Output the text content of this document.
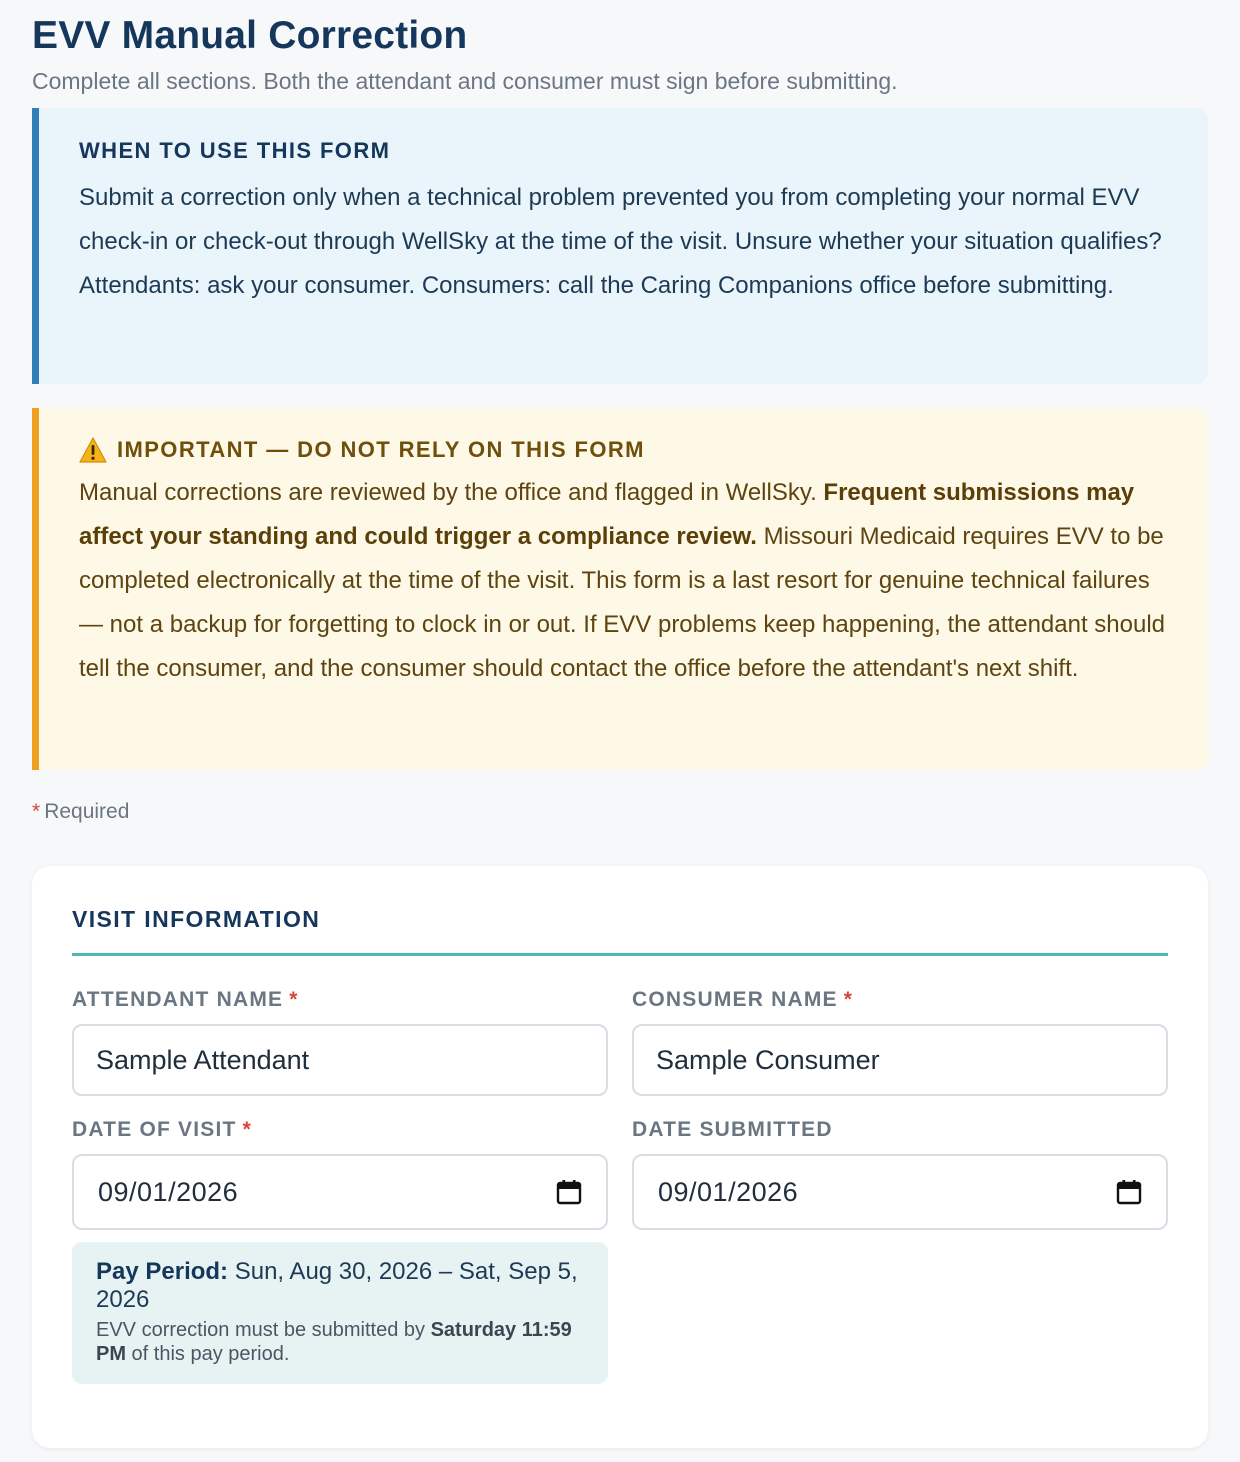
EVV Manual Correction

Complete all sections. Both the attendant and consumer must sign before submitting.

WHEN TO USE THIS FORM

Submit a correction only when a technical problem prevented you from completing your normal EVV check-in or check-out through WellSky at the time of the visit. Unsure whether your situation qualifies? Attendants: ask your consumer. Consumers: call the Caring Companions office before submitting.

IMPORTANT — DO NOT RELY ON THIS FORM

Manual corrections are reviewed by the office and flagged in WellSky. Frequent submissions may affect your standing and could trigger a compliance review. Missouri Medicaid requires EVV to be completed electronically at the time of the visit. This form is a last resort for genuine technical failures — not a backup for forgetting to clock in or out. If EVV problems keep happening, the attendant should tell the consumer, and the consumer should contact the office before the attendant's next shift.

* Required
VISIT INFORMATION
ATTENDANT NAME *
Sample Attendant	CONSUMER NAME *
Sample Consumer
DATE OF VISIT *
09/01/2026
DATE SUBMITTED
09/01/2026
Pay Period: Sun, Aug 30, 2026 – Sat, Sep 5, 2026
EVV correction must be submitted by Saturday 11:59 PM of this pay period.
